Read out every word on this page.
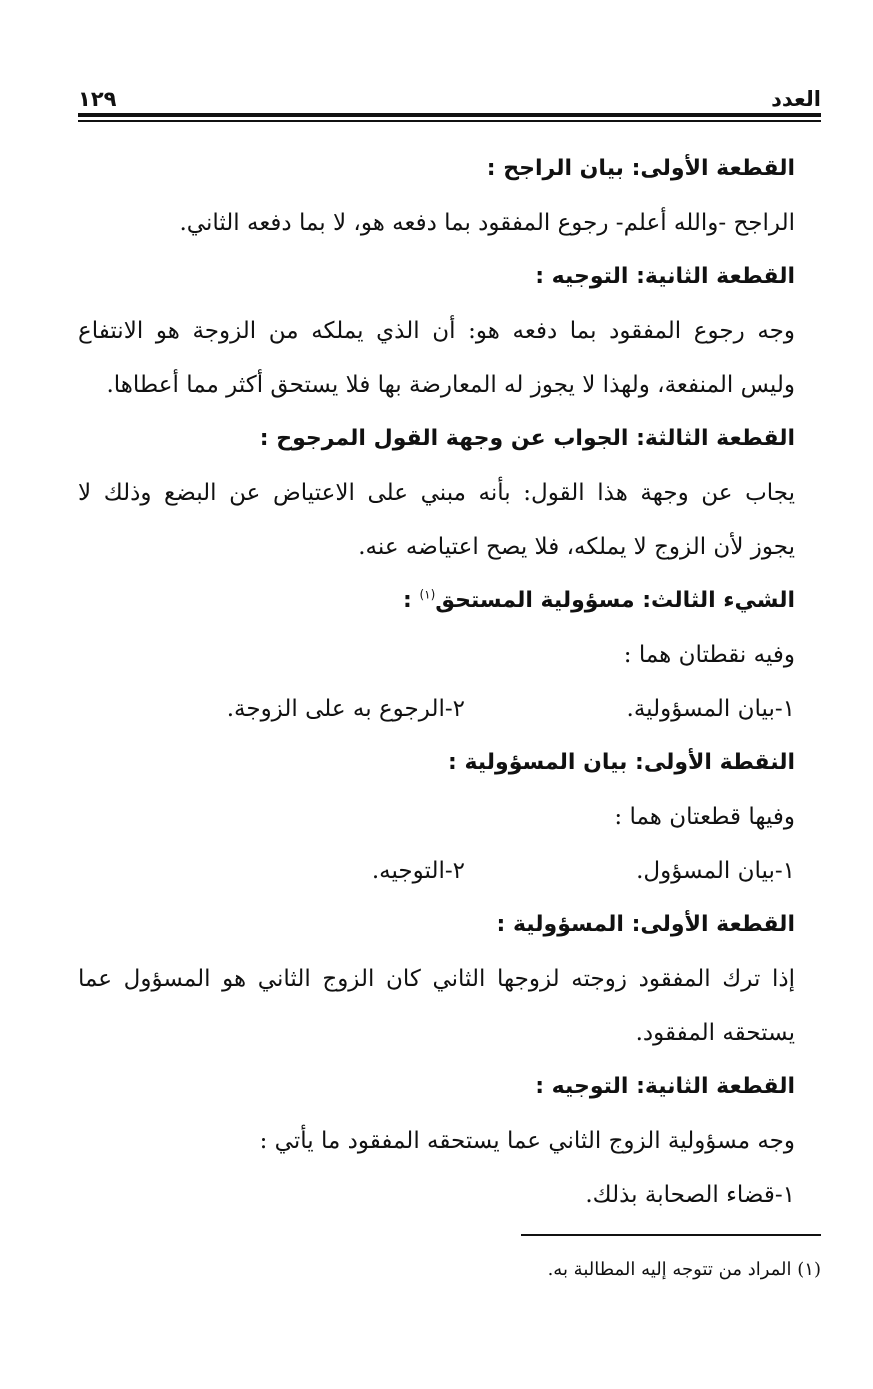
العدد
١٢٩
القطعة الأولى: بيان الراجح :
الراجح -والله أعلم- رجوع المفقود بما دفعه هو، لا بما دفعه الثاني.
القطعة الثانية: التوجيه :
وجه رجوع المفقود بما دفعه هو: أن الذي يملكه من الزوجة هو الانتفاع
وليس المنفعة، ولهذا لا يجوز له المعارضة بها فلا يستحق أكثر مما أعطاها.
القطعة الثالثة: الجواب عن وجهة القول المرجوح :
يجاب عن وجهة هذا القول: بأنه مبني على الاعتياض عن البضع وذلك لا
يجوز لأن الزوج لا يملكه، فلا يصح اعتياضه عنه.
الشيء الثالث: مسؤولية المستحق$^{(١)}$ :
وفيه نقطتان هما :
١-بيان المسؤولية.
٢-الرجوع به على الزوجة.
النقطة الأولى: بيان المسؤولية :
وفيها قطعتان هما :
١-بيان المسؤول.
٢-التوجيه.
القطعة الأولى: المسؤولية :
إذا ترك المفقود زوجته لزوجها الثاني كان الزوج الثاني هو المسؤول عما
يستحقه المفقود.
القطعة الثانية: التوجيه :
وجه مسؤولية الزوج الثاني عما يستحقه المفقود ما يأتي :
١-قضاء الصحابة بذلك.
(١) المراد من تتوجه إليه المطالبة به.
